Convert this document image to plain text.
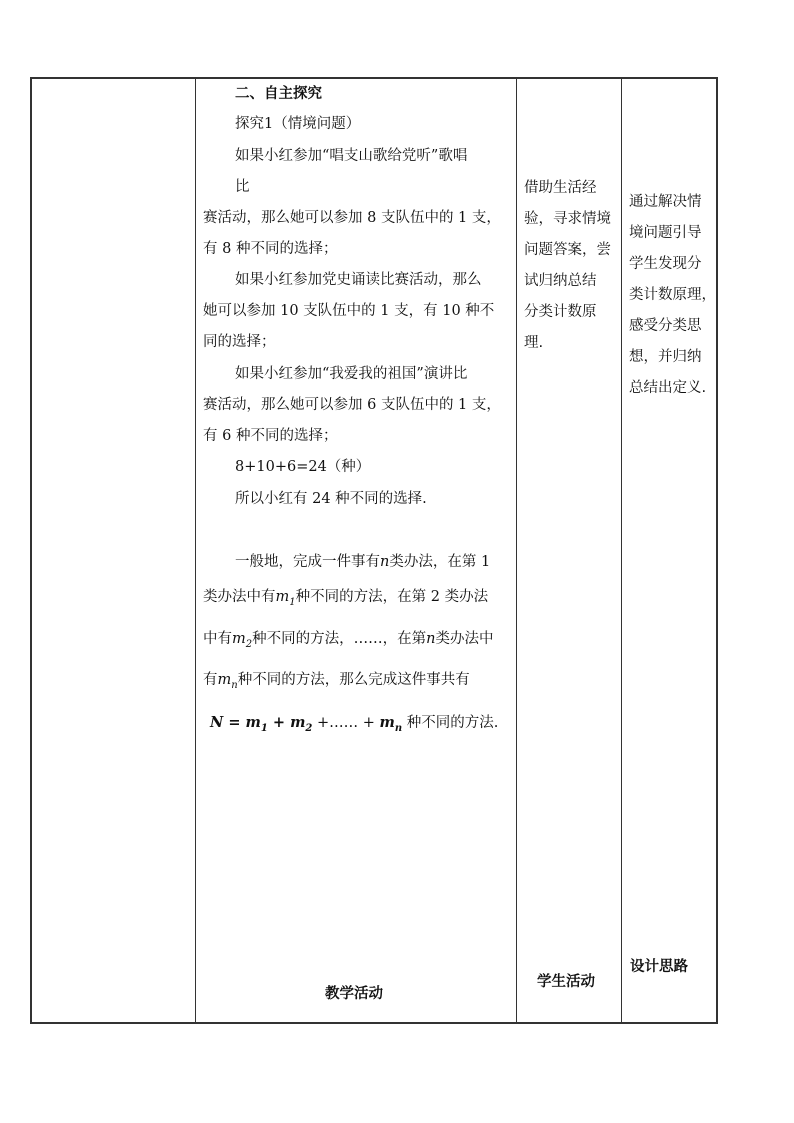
二、自主探究
探究1（情境问题）
如果小红参加“唱支山歌给党听”歌唱
比
赛活动，那么她可以参加 8 支队伍中的 1 支，
有 8 种不同的选择；
如果小红参加党史诵读比赛活动，那么
她可以参加 10 支队伍中的 1 支，有 10 种不
同的选择；
如果小红参加“我爱我的祖国”演讲比
赛活动，那么她可以参加 6 支队伍中的 1 支，
有 6 种不同的选择；
8+10+6=24（种）
所以小红有 24 种不同的选择.
一般地，完成一件事有n类办法，在第 1
类办法中有$m_1$种不同的方法，在第 2 类办法
中有$m_2$种不同的方法，……，在第n类办法中
有$m_n$种不同的方法，那么完成这件事共有
$N = m_1 + m_2$ +…… + $m_n$ 种不同的方法.
教学活动
借助生活经
验，寻求情境
问题答案，尝
试归纳总结
分类计数原
理.
学生活动
通过解决情
境问题引导
学生发现分
类计数原理，
感受分类思
想，并归纳
总结出定义.
设计思路
